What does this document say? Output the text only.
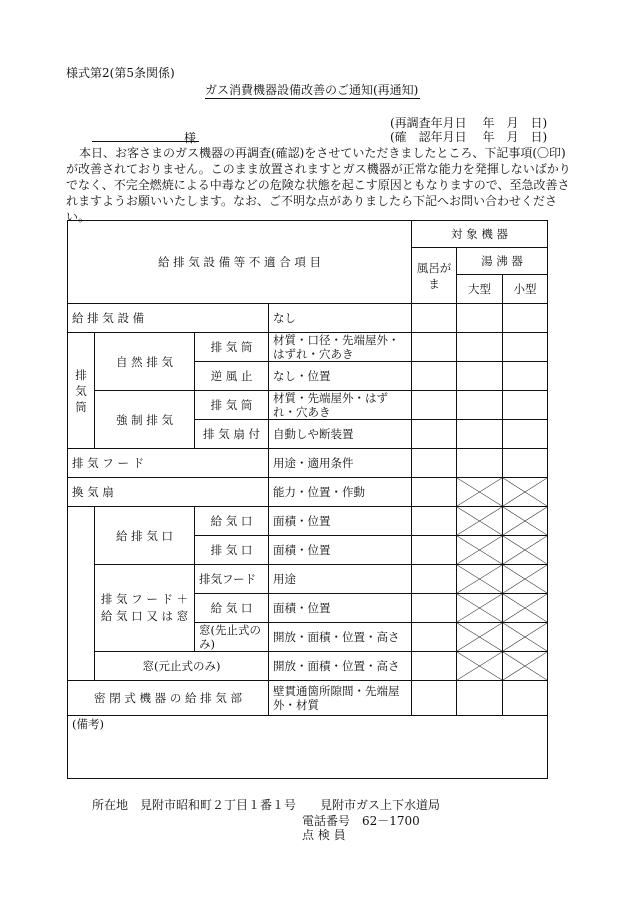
様式第2(第5条関係)
ガス消費機器設備改善のご通知(再通知)
(再調査年月日　 年　月　日)
(確　認年月日　 年　月　日)
様
本日、お客さまのガス機器の再調査(確認)をさせていただきましたところ、下記事項(〇印)が改善されておりません。このまま放置されますとガス機器が正常な能力を発揮しないばかりでなく、不完全燃焼による中毒などの危険な状態を起こす原因ともなりますので、至急改善されますようお願いいたします。なお、ご不明な点がありましたら下記へお問い合わせください。
給 排 気 設 備 等 不 適 合 項 目				対 象 機 器		
				風呂がま	湯 沸 器	
					大型	小型
給 排 気 設 備			なし			
排 気 筒	自 然 排 気	排 気 筒	材質・口径・先端屋外・はずれ・穴あき			
		逆 風 止	なし・位置			
	強 制 排 気	排 気 筒	材質・先端屋外・はずれ・穴あき			
		排 気 扇 付	自動しや断装置			
排 気 フ ー ド			用途・適用条件			
換 気 扇			能力・位置・作動		

	給 排 気 口	給 気 口	面積・位置		

		排 気 口	面積・位置		

	排 気 フ ー ド ＋ 給 気 口 又 は 窓	排気フード	用途		

		給 気 口	面積・位置		

		窓(先止式のみ)	開放・面積・位置・高さ		

	窓(元止式のみ)		開放・面積・位置・高さ		

密 閉 式 機 器 の 給 排 気 部			壁貫通箇所隙間・先端屋外・材質			
(備考)						
所在地　見附市昭和町２丁目１番１号　　見附市ガス上下水道局
電話番号　62－1700
点 検 員
